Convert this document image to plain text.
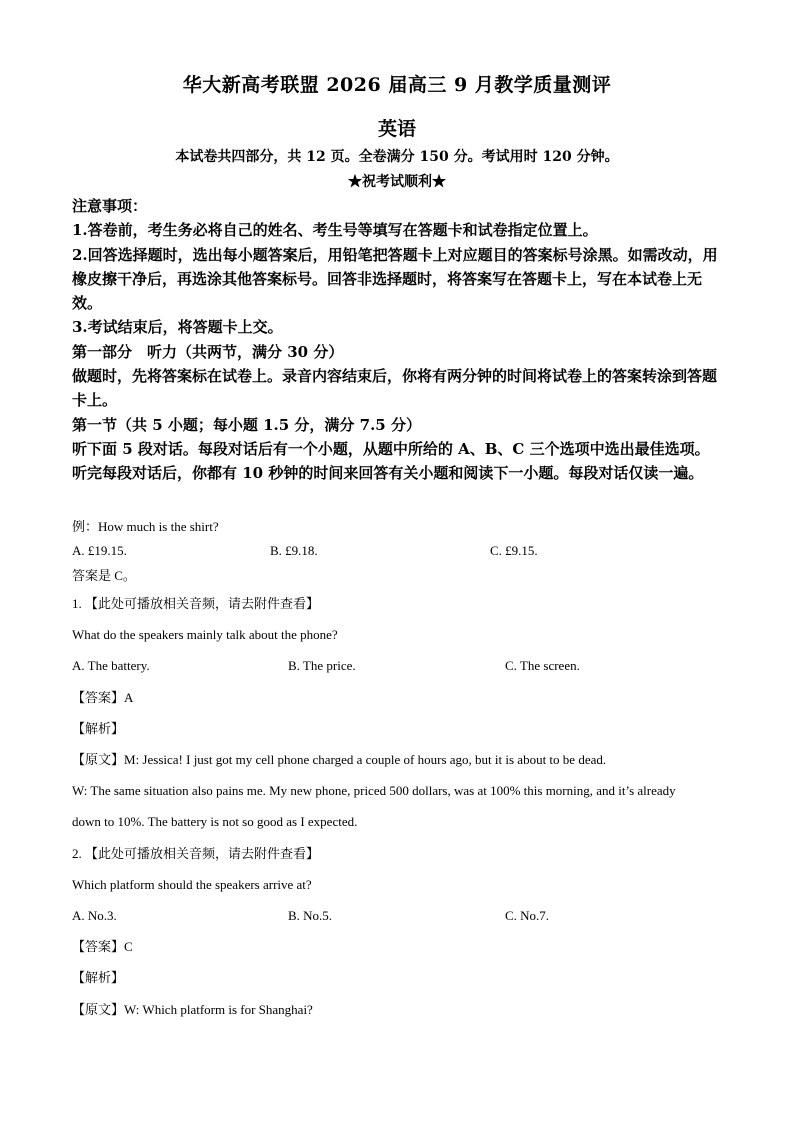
华大新高考联盟 2026 届高三 9 月教学质量测评
英语
本试卷共四部分，共 12 页。全卷满分 150 分。考试用时 120 分钟。
★祝考试顺利★

注意事项：

1.答卷前，考生务必将自己的姓名、考生号等填写在答题卡和试卷指定位置上。

2.回答选择题时，选出每小题答案后，用铅笔把答题卡上对应题目的答案标号涂黑。如需改动，用橡皮擦干净后，再选涂其他答案标号。回答非选择题时，将答案写在答题卡上，写在本试卷上无效。

3.考试结束后，将答题卡上交。

第一部分　听力（共两节，满分 30 分）

做题时，先将答案标在试卷上。录音内容结束后，你将有两分钟的时间将试卷上的答案转涂到答题卡上。

第一节（共 5 小题；每小题 1.5 分，满分 7.5 分）

听下面 5 段对话。每段对话后有一个小题，从题中所给的 A、B、C 三个选项中选出最佳选项。听完每段对话后，你都有 10 秒钟的时间来回答有关小题和阅读下一小题。每段对话仅读一遍。

例：How much is the shirt?
A. £19.15.	B. £9.18.	C. £9.15.
答案是 C。
1. 【此处可播放相关音频，请去附件查看】
What do the speakers mainly talk about the phone?
A. The battery.	B. The price.	C. The screen.
【答案】A
【解析】
【原文】M: Jessica! I just got my cell phone charged a couple of hours ago, but it is about to be dead.
W: The same situation also pains me. My new phone, priced 500 dollars, was at 100% this morning, and it’s already
down to 10%. The battery is not so good as I expected.
2. 【此处可播放相关音频，请去附件查看】
Which platform should the speakers arrive at?
A. No.3.	B. No.5.	C. No.7.
【答案】C
【解析】
【原文】W: Which platform is for Shanghai?
